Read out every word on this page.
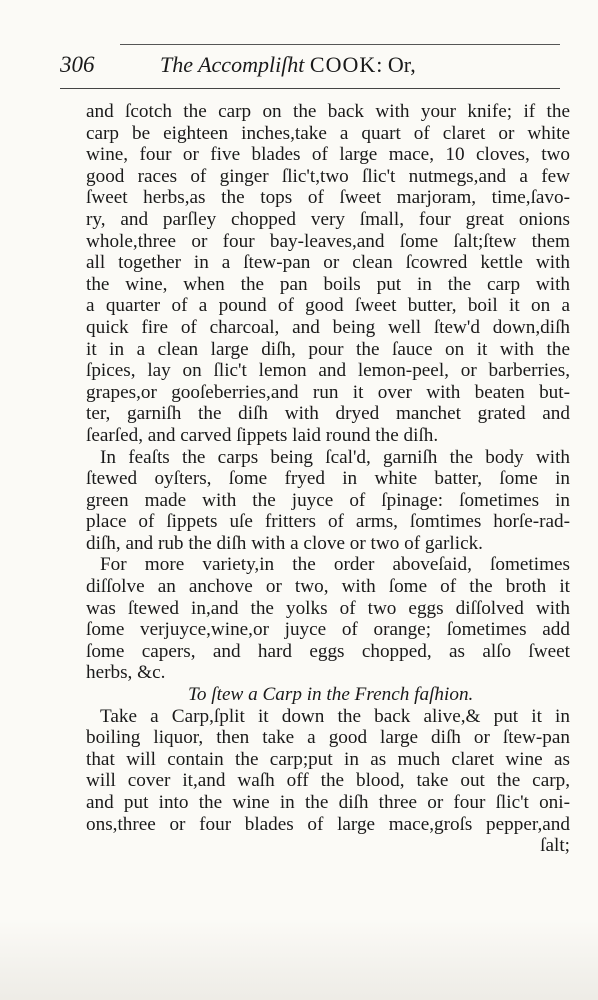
306	The Accompliſht COOK: Or,
and ſcotch the carp on the back with your knife; if the
carp be eighteen inches,take a quart of claret or white
wine, four or five blades of large mace, 10 cloves, two
good races of ginger ſlic't,two ſlic't nutmegs,and a few
ſweet herbs,as the tops of ſweet marjoram, time,ſavo-
ry, and parſley chopped very ſmall, four great onions
whole,three or four bay-leaves,and ſome ſalt;ſtew them
all together in a ſtew-pan or clean ſcowred kettle with
the wine, when the pan boils put in the carp with
a quarter of a pound of good ſweet butter, boil it on a
quick fire of charcoal, and being well ſtew'd down,diſh
it in a clean large diſh, pour the ſauce on it with the
ſpices, lay on ſlic't lemon and lemon-peel, or barberries,
grapes,or gooſeberries,and run it over with beaten but-
ter, garniſh the diſh with dryed manchet grated and
ſearſed, and carved ſippets laid round the diſh.
In feaſts the carps being ſcal'd, garniſh the body with
ſtewed oyſters, ſome fryed in white batter, ſome in
green made with the juyce of ſpinage: ſometimes in
place of ſippets uſe fritters of arms, ſomtimes horſe-rad-
diſh, and rub the diſh with a clove or two of garlick.
For more variety,in the order aboveſaid, ſometimes
diſſolve an anchove or two, with ſome of the broth it
was ſtewed in,and the yolks of two eggs diſſolved with
ſome verjuyce,wine,or juyce of orange; ſometimes add
ſome capers, and hard eggs chopped, as alſo ſweet
herbs, &c.
To ſtew a Carp in the French faſhion.
Take a Carp,ſplit it down the back alive,& put it in
boiling liquor, then take a good large diſh or ſtew-pan
that will contain the carp;put in as much claret wine as
will cover it,and waſh off the blood, take out the carp,
and put into the wine in the diſh three or four ſlic't oni-
ons,three or four blades of large mace,groſs pepper,and
ſalt;
